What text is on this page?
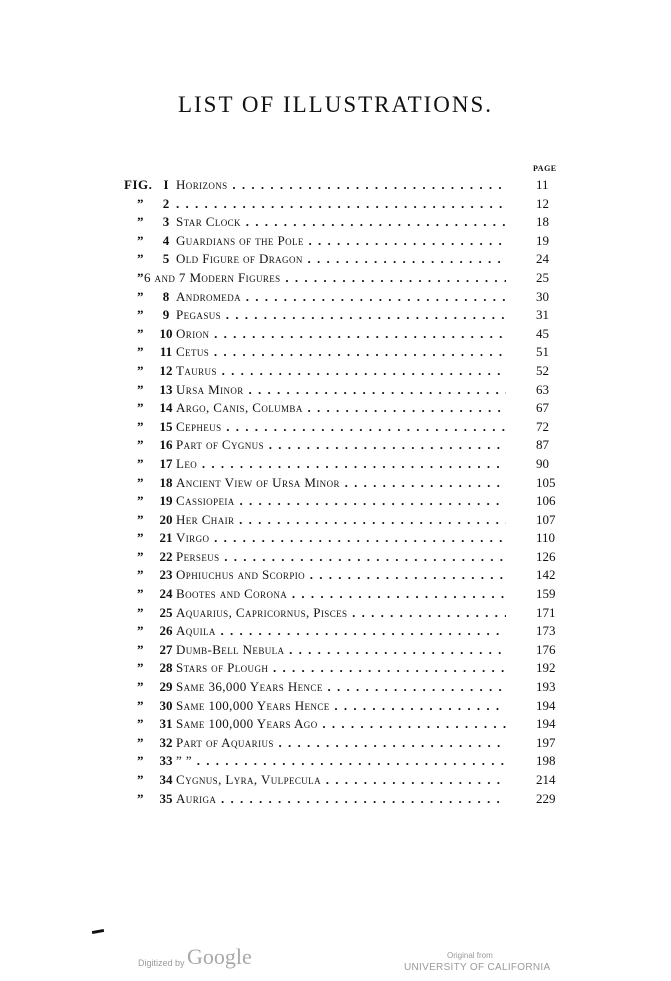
LIST OF ILLUSTRATIONS.
PAGE
FIG. I Horizons . . .	11
”	2 . . .	12
”	3 Star Clock . . .	18
”	4 Guardians of the Pole . . .	19
”	5 Old Figure of Dragon . . .	24
” 6 and 7 Modern Figures . . .	25
”	8 Andromeda . . .	30
”	9 Pegasus . . .	31
”	10 Orion . . .	45
”	11 Cetus . . .	51
”	12 Taurus . . .	52
”	13 Ursa Minor . . .	63
”	14 Argo, Canis, Columba . . .	67
”	15 Cepheus . . .	72
”	16 Part of Cygnus . . .	87
”	17 Leo . . .	90
”	18 Ancient View of Ursa Minor . . .	105
”	19 Cassiopeia . . .	106
”	20 Her Chair . . .	107
”	21 Virgo . . .	110
”	22 Perseus . . .	126
”	23 Ophiuchus and Scorpio . . .	142
”	24 Bootes and Corona . . .	159
”	25 Aquarius, Capricornus, Pisces . . .	171
”	26 Aquila . . .	173
”	27 Dumb-Bell Nebula . . .	176
”	28 Stars of Plough . . .	192
”	29 Same 36,000 Years Hence . . .	193
”	30 Same 100,000 Years Hence . . .	194
”	31 Same 100,000 Years Ago . . .	194
”	32 Part of Aquarius . . .	197
”	33 ” ” . . .	198
”	34 Cygnus, Lyra, Vulpecula . . .	214
”	35 Auriga . . .	229
Digitized by Google	Original from
UNIVERSITY OF CALIFORNIA
